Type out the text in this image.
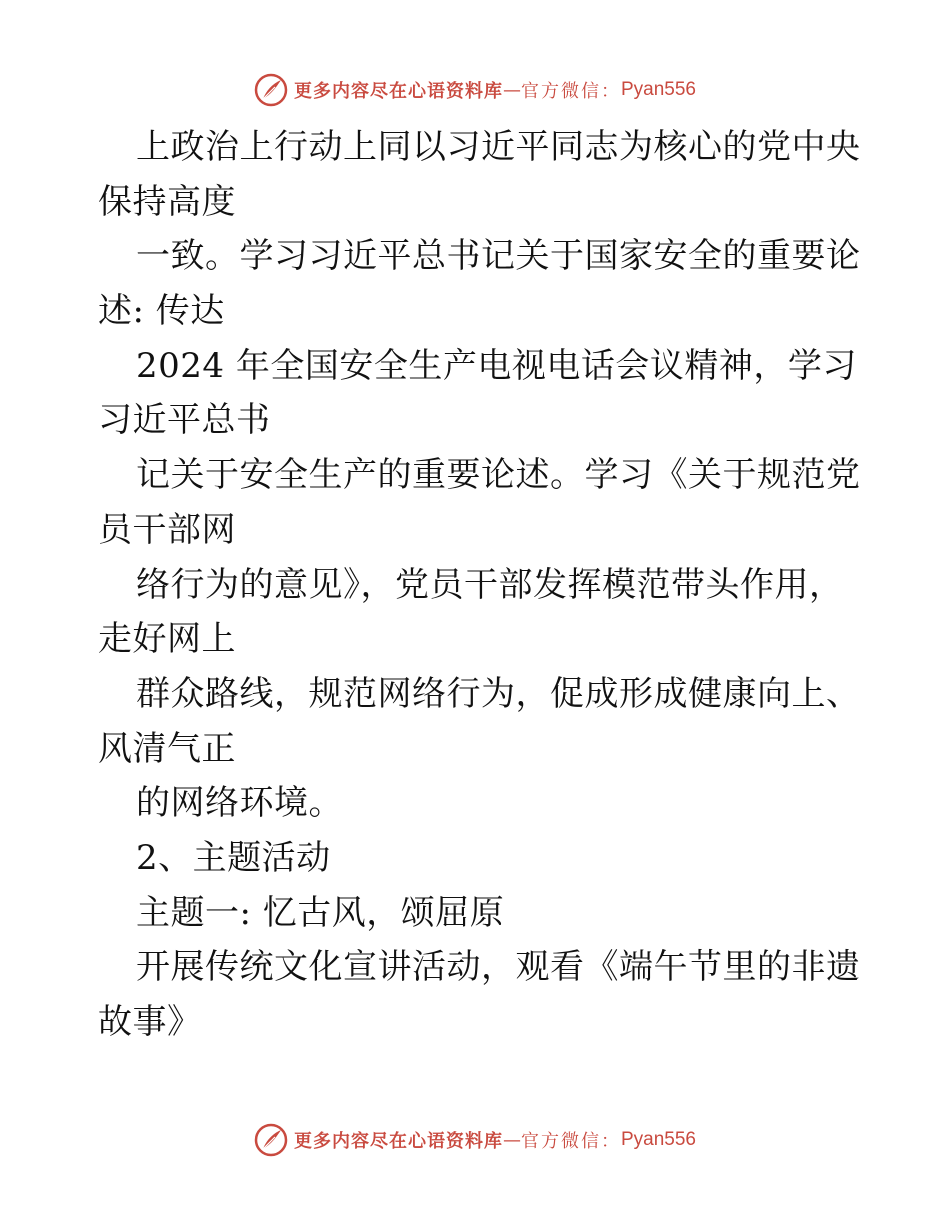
更多内容尽在心语资料库 — 官方微信： Pyan556
上政治上行动上同以习近平同志为核心的党中央
保持高度
一致。学习习近平总书记关于国家安全的重要论
述: 传达
2024 年全国安全生产电视电话会议精神，学习
习近平总书
记关于安全生产的重要论述。学习《关于规范党
员干部网
络行为的意见》，党员干部发挥模范带头作用，
走好网上
群众路线，规范网络行为，促成形成健康向上、
风清气正
的网络环境。
2、主题活动
主题一: 忆古风，颂屈原
开展传统文化宣讲活动，观看《端午节里的非遗
故事》
更多内容尽在心语资料库 — 官方微信： Pyan556
